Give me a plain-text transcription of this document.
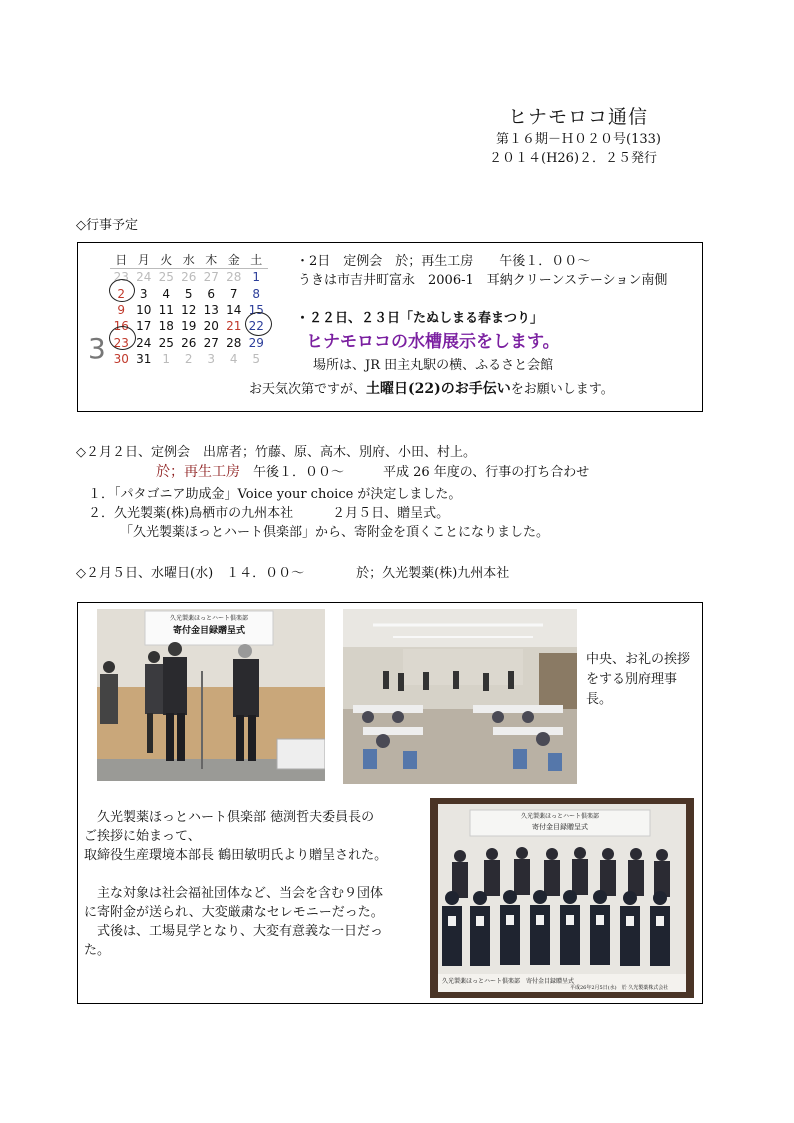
ヒナモロコ通信
第１６期－Ｈ０２０号(133)
２０１４(H26)２．２５発行
◇行事予定
3
日	月	火	水	木	金	土
23	24	25	26	27	28	1
2	3	4	5	6	7	8
9	10	11	12	13	14	15
16	17	18	19	20	21	22
23	24	25	26	27	28	29
30	31	1	2	3	4	5
・2日　定例会　於；再生工房　　午後１．００～
うきは市吉井町富永　2006-1　耳納クリーンステーション南側
・２２日、２３日「たぬしまる春まつり」
ヒナモロコの水槽展示をします。
場所は、JR 田主丸駅の横、ふるさと会館
お天気次第ですが、土曜日(22)のお手伝いをお願いします。
◇２月２日、定例会　出席者；竹藤、原、高木、別府、小田、村上。
於；再生工房　午後１．００～　　　平成 26 年度の、行事の打ち合わせ
１．「パタゴニア助成金」Voice your choice が決定しました。
２．久光製薬(株)鳥栖市の九州本社　　　２月５日、贈呈式。
「久光製薬ほっとハート倶楽部」から、寄附金を頂くことになりました。
◇２月５日、水曜日(水)　１４．００～　　　　於；久光製薬(株)九州本社
久光製薬ほっとハート倶楽部
寄付金目録贈呈式
中央、お礼の挨拶をする別府理事長。
　久光製薬ほっとハート倶楽部 徳渕哲夫委員長の
ご挨拶に始まって、
取締役生産環境本部長 鶴田敏明氏より贈呈された。
　主な対象は社会福祉団体など、当会を含む９団体
に寄附金が送られ、大変厳粛なセレモニーだった。
　式後は、工場見学となり、大変有意義な一日だっ
た。
久光製薬ほっとハート倶楽部
寄付金目録贈呈式
久光製薬ほっとハート倶楽部　寄付金目録贈呈式
平成26年2月5日(水)　於 久光製薬株式会社
